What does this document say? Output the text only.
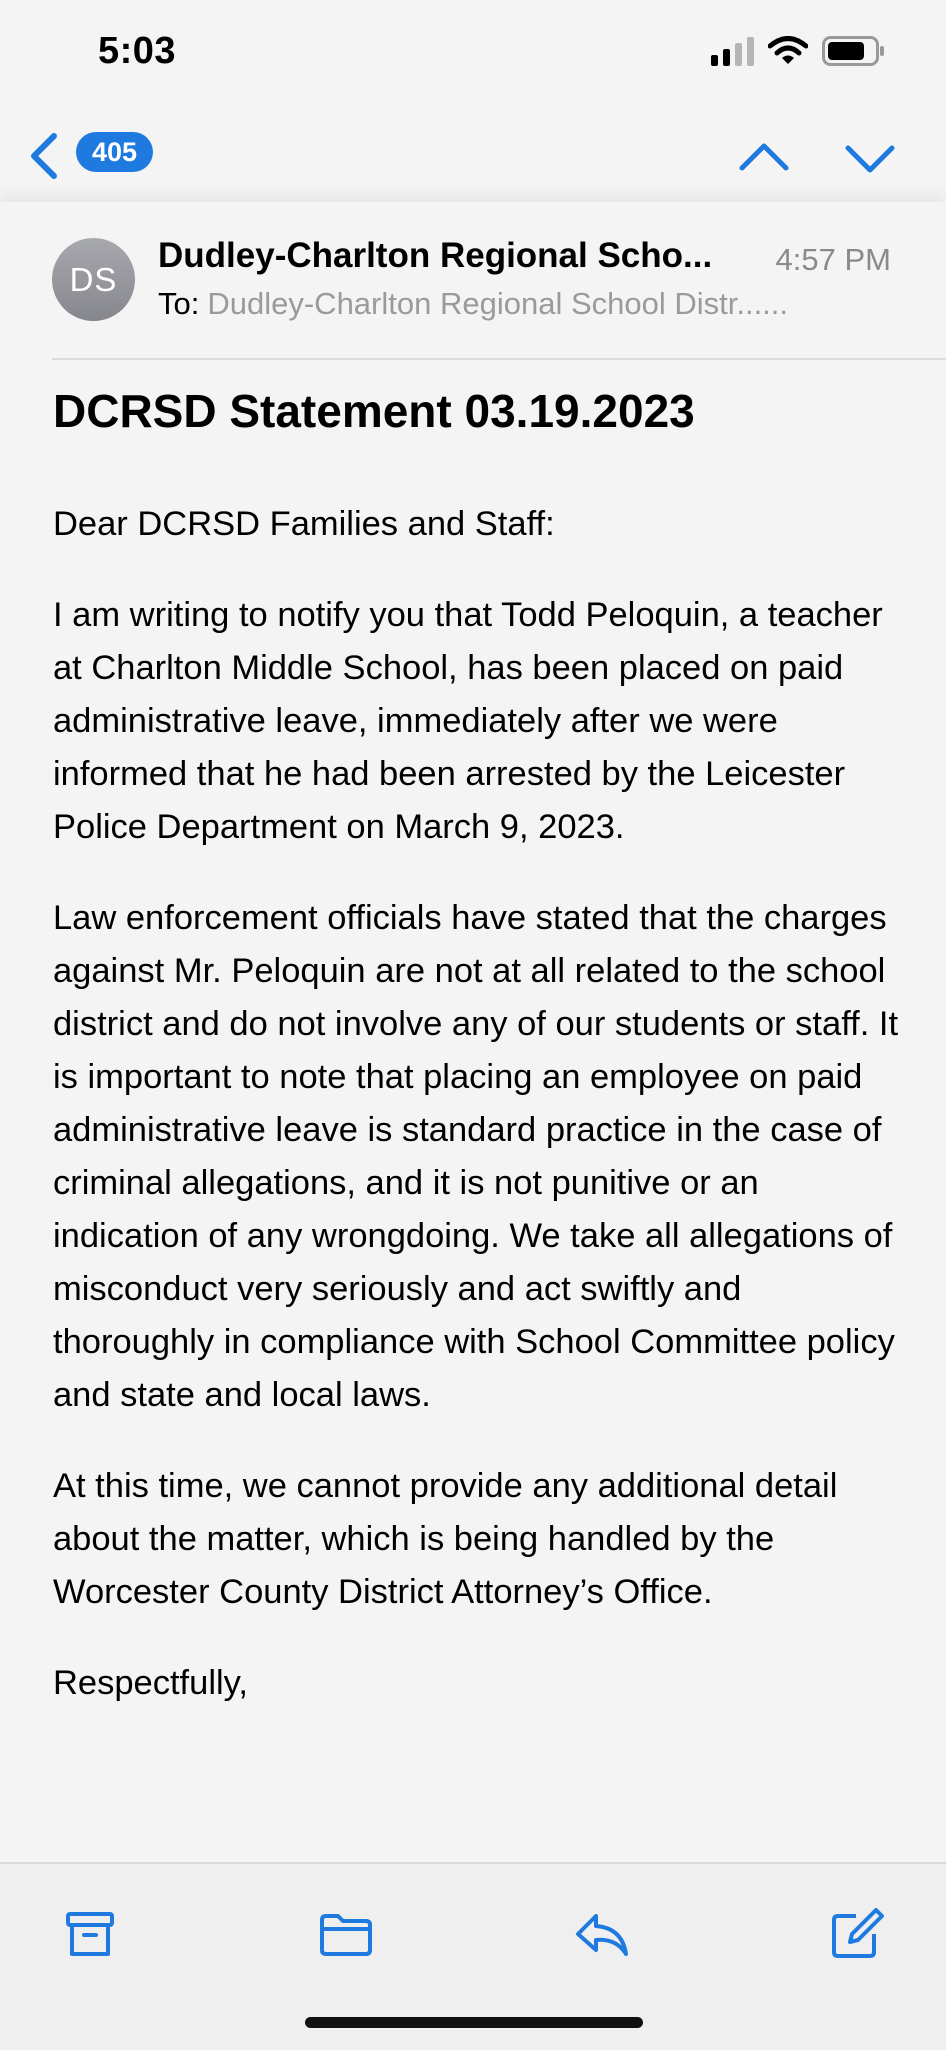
5:03
405
DS
Dudley-Charlton Regional Scho...	4:57 PM
To: Dudley-Charlton Regional School Distr......
DCRSD Statement 03.19.2023

Dear DCRSD Families and Staff:

I am writing to notify you that Todd Peloquin, a teacher at Charlton Middle School, has been placed on paid administrative leave, immediately after we were informed that he had been arrested by the Leicester Police Department on March 9, 2023.

Law enforcement officials have stated that the charges against Mr. Peloquin are not at all related to the school district and do not involve any of our students or staff. It is important to note that placing an employee on paid administrative leave is standard practice in the case of criminal allegations, and it is not punitive or an indication of any wrongdoing. We take all allegations of misconduct very seriously and act swiftly and thoroughly in compliance with School Committee policy and state and local laws.

At this time, we cannot provide any additional detail about the matter, which is being handled by the Worcester County District Attorney’s Office.

Respectfully,
